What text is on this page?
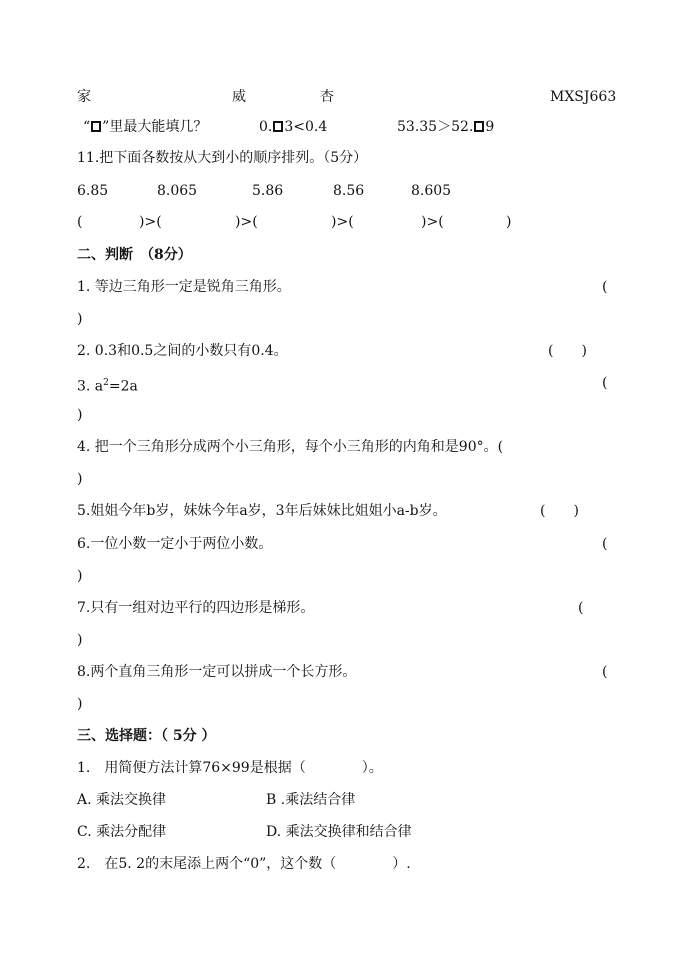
家	威	杏	MXSJ663
“ ”里最大能填几？	0. 3<0.4	53.35＞52. 9
11.把下面各数按从大到小的顺序排列。（5分）
6.85	8.065	5.86	8.56	8.605
(	)>(	)>(	)>(	)>(	)
二、判断　（8分）
1. 等边三角形一定是锐角三角形。	(
)
2. 0.3和0.5之间的小数只有0.4。	(　　)
3. $a^2=2a$	(
)
4. 把一个三角形分成两个小三角形，每个小三角形的内角和是90°。(
)
5.姐姐今年b岁，妹妹今年a岁，3年后妹妹比姐姐小a-b岁。	(　　)
6.一位小数一定小于两位小数。	(
)
7.只有一组对边平行的四边形是梯形。	(
)
8.两个直角三角形一定可以拼成一个长方形。	(
)
三、选择题：（ 5分 ）
1.　用简便方法计算76×99是根据（　　　　）。
A. 乘法交换律	B .乘法结合律
C. 乘法分配律	D. 乘法交换律和结合律
2.　在5. 2的末尾添上两个“0”，这个数（　　　　）.
